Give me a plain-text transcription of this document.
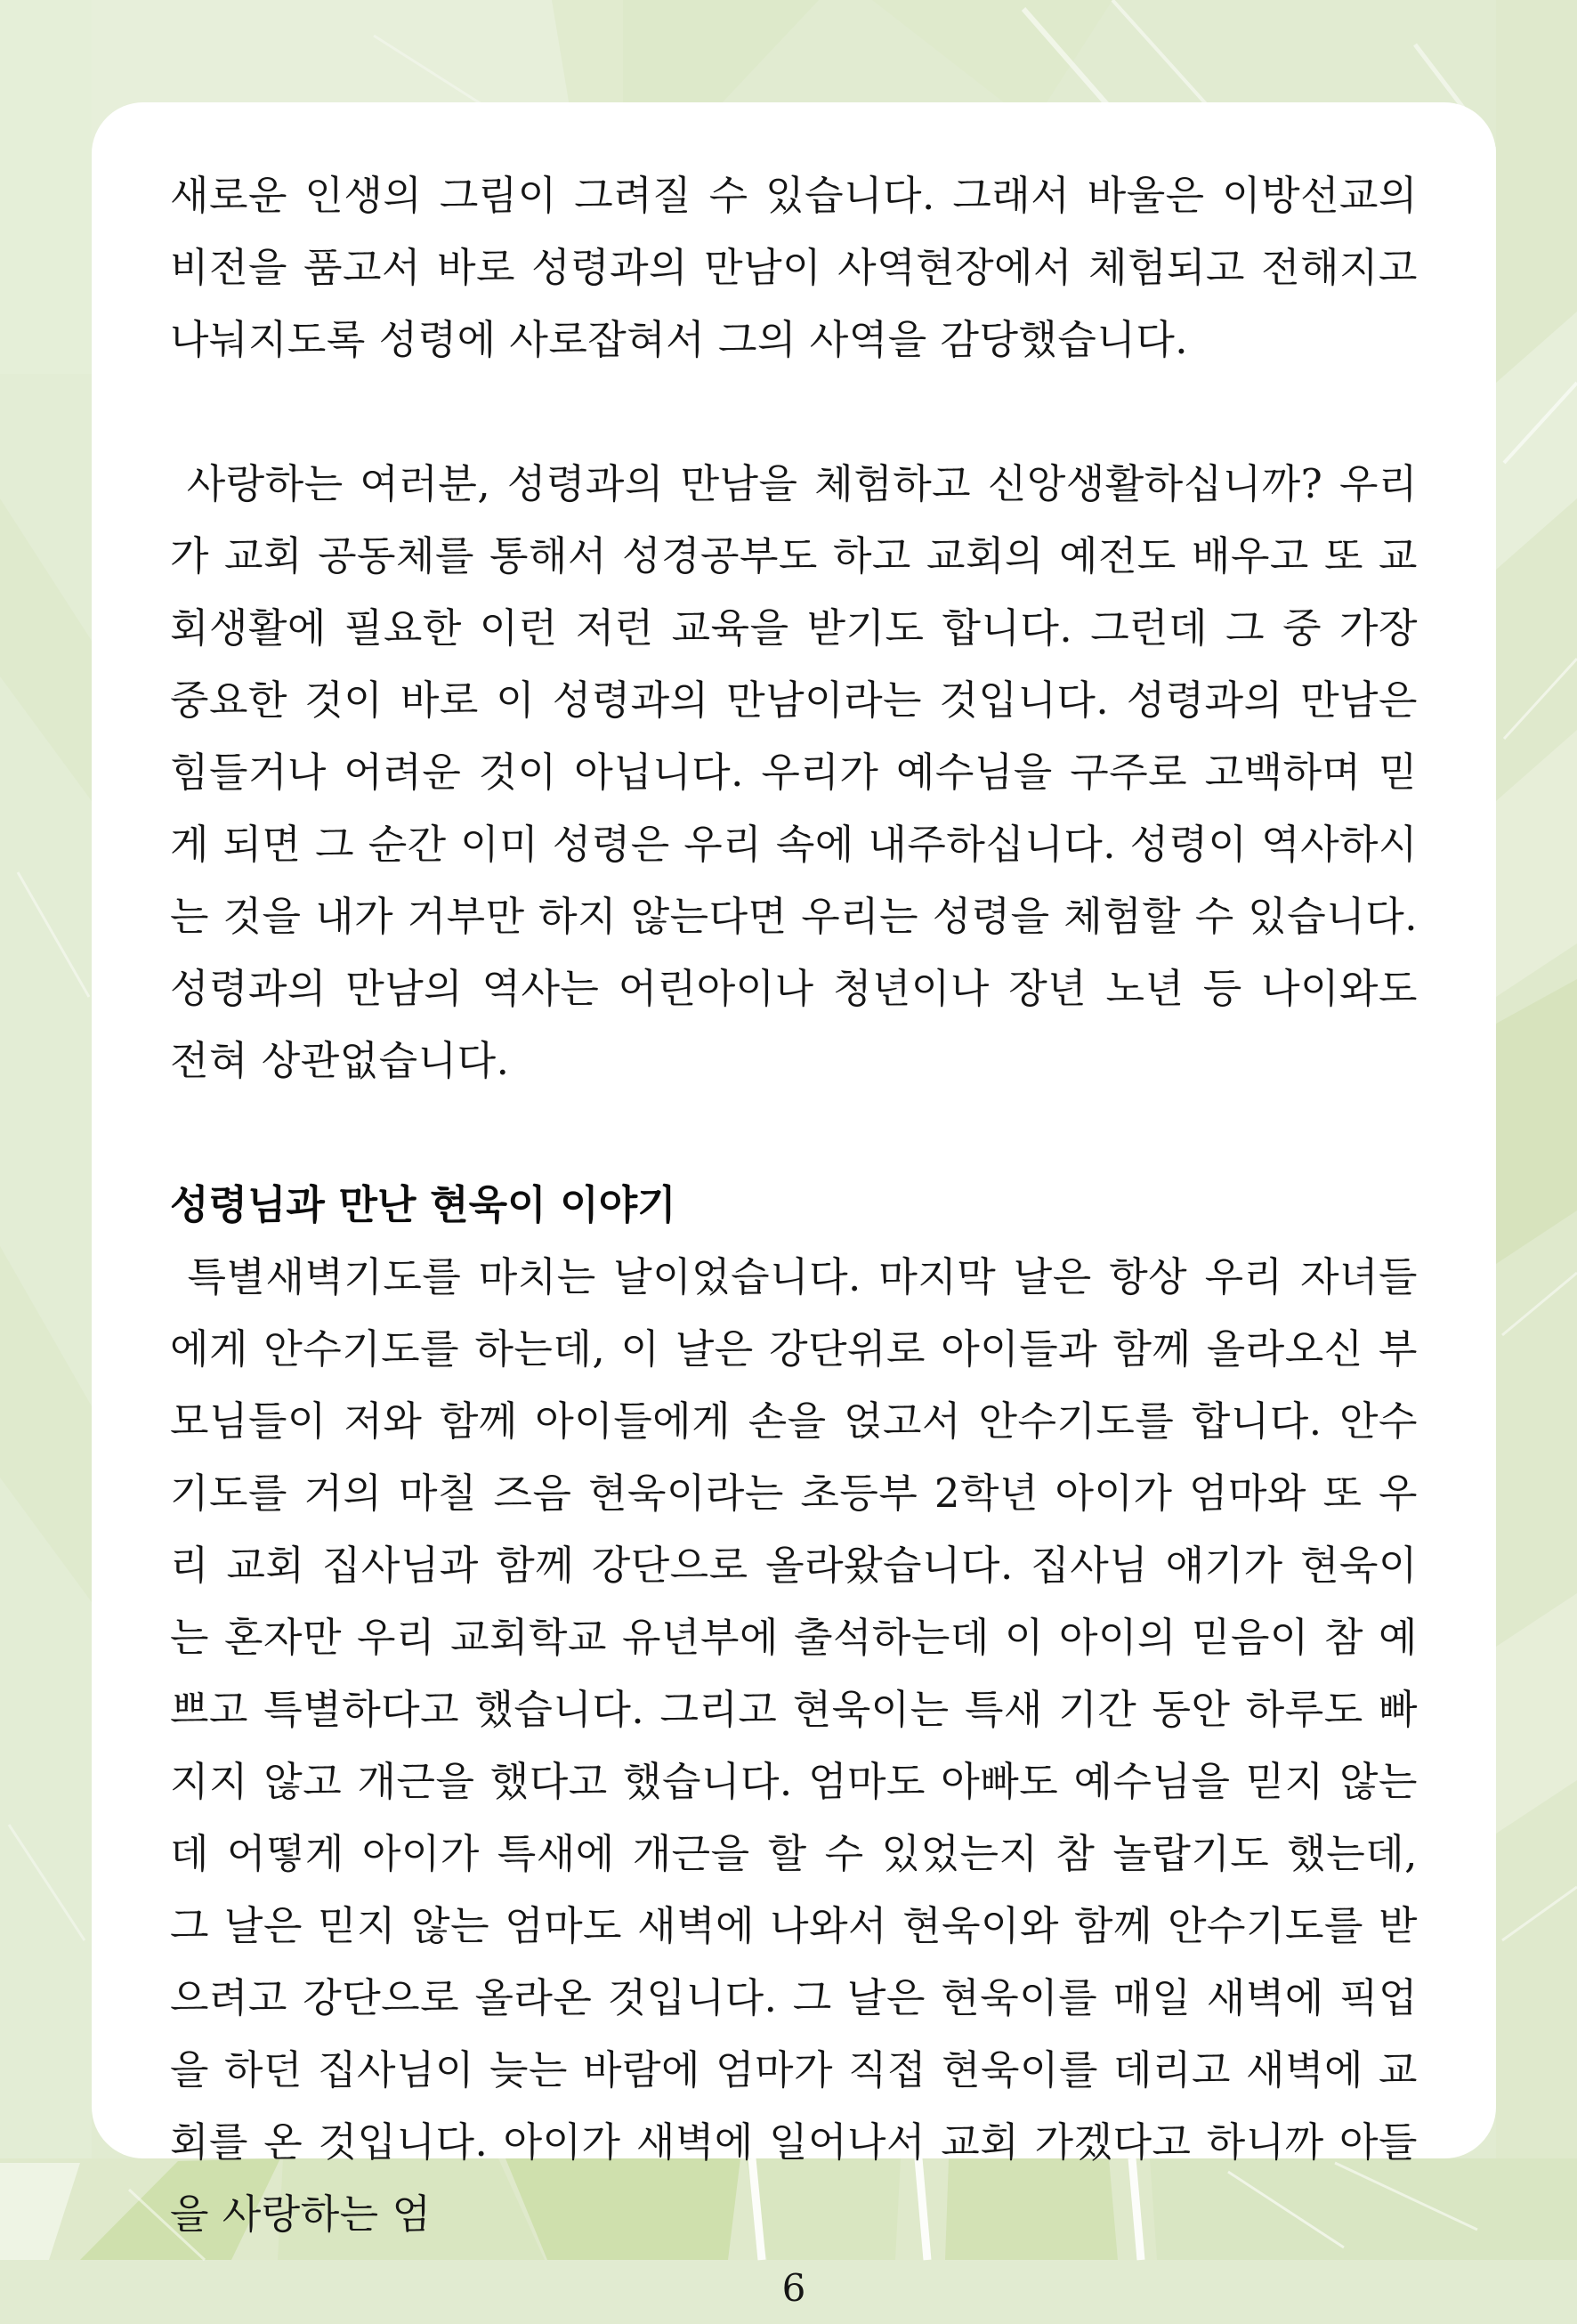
새로운 인생의 그림이 그려질 수 있습니다. 그래서 바울은 이방선교의 비전을 품고서 바로 성령과의 만남이 사역현장에서 체험되고 전해지고 나눠지도록 성령에 사로잡혀서 그의 사역을 감당했습니다.

사랑하는 여러분, 성령과의 만남을 체험하고 신앙생활하십니까? 우리가 교회 공동체를 통해서 성경공부도 하고 교회의 예전도 배우고 또 교회생활에 필요한 이런 저런 교육을 받기도 합니다. 그런데 그 중 가장 중요한 것이 바로 이 성령과의 만남이라는 것입니다. 성령과의 만남은 힘들거나 어려운 것이 아닙니다. 우리가 예수님을 구주로 고백하며 믿게 되면 그 순간 이미 성령은 우리 속에 내주하십니다. 성령이 역사하시는 것을 내가 거부만 하지 않는다면 우리는 성령을 체험할 수 있습니다. 성령과의 만남의 역사는 어린아이나 청년이나 장년 노년 등 나이와도 전혀 상관없습니다.

성령님과 만난 현욱이 이야기

특별새벽기도를 마치는 날이었습니다. 마지막 날은 항상 우리 자녀들에게 안수기도를 하는데, 이 날은 강단위로 아이들과 함께 올라오신 부모님들이 저와 함께 아이들에게 손을 얹고서 안수기도를 합니다. 안수기도를 거의 마칠 즈음 현욱이라는 초등부 2학년 아이가 엄마와 또 우리 교회 집사님과 함께 강단으로 올라왔습니다. 집사님 얘기가 현욱이는 혼자만 우리 교회학교 유년부에 출석하는데 이 아이의 믿음이 참 예쁘고 특별하다고 했습니다. 그리고 현욱이는 특새 기간 동안 하루도 빠지지 않고 개근을 했다고 했습니다. 엄마도 아빠도 예수님을 믿지 않는데 어떻게 아이가 특새에 개근을 할 수 있었는지 참 놀랍기도 했는데, 그 날은 믿지 않는 엄마도 새벽에 나와서 현욱이와 함께 안수기도를 받으려고 강단으로 올라온 것입니다. 그 날은 현욱이를 매일 새벽에 픽업을 하던 집사님이 늦는 바람에 엄마가 직접 현욱이를 데리고 새벽에 교회를 온 것입니다. 아이가 새벽에 일어나서 교회 가겠다고 하니까 아들을 사랑하는 엄

6
